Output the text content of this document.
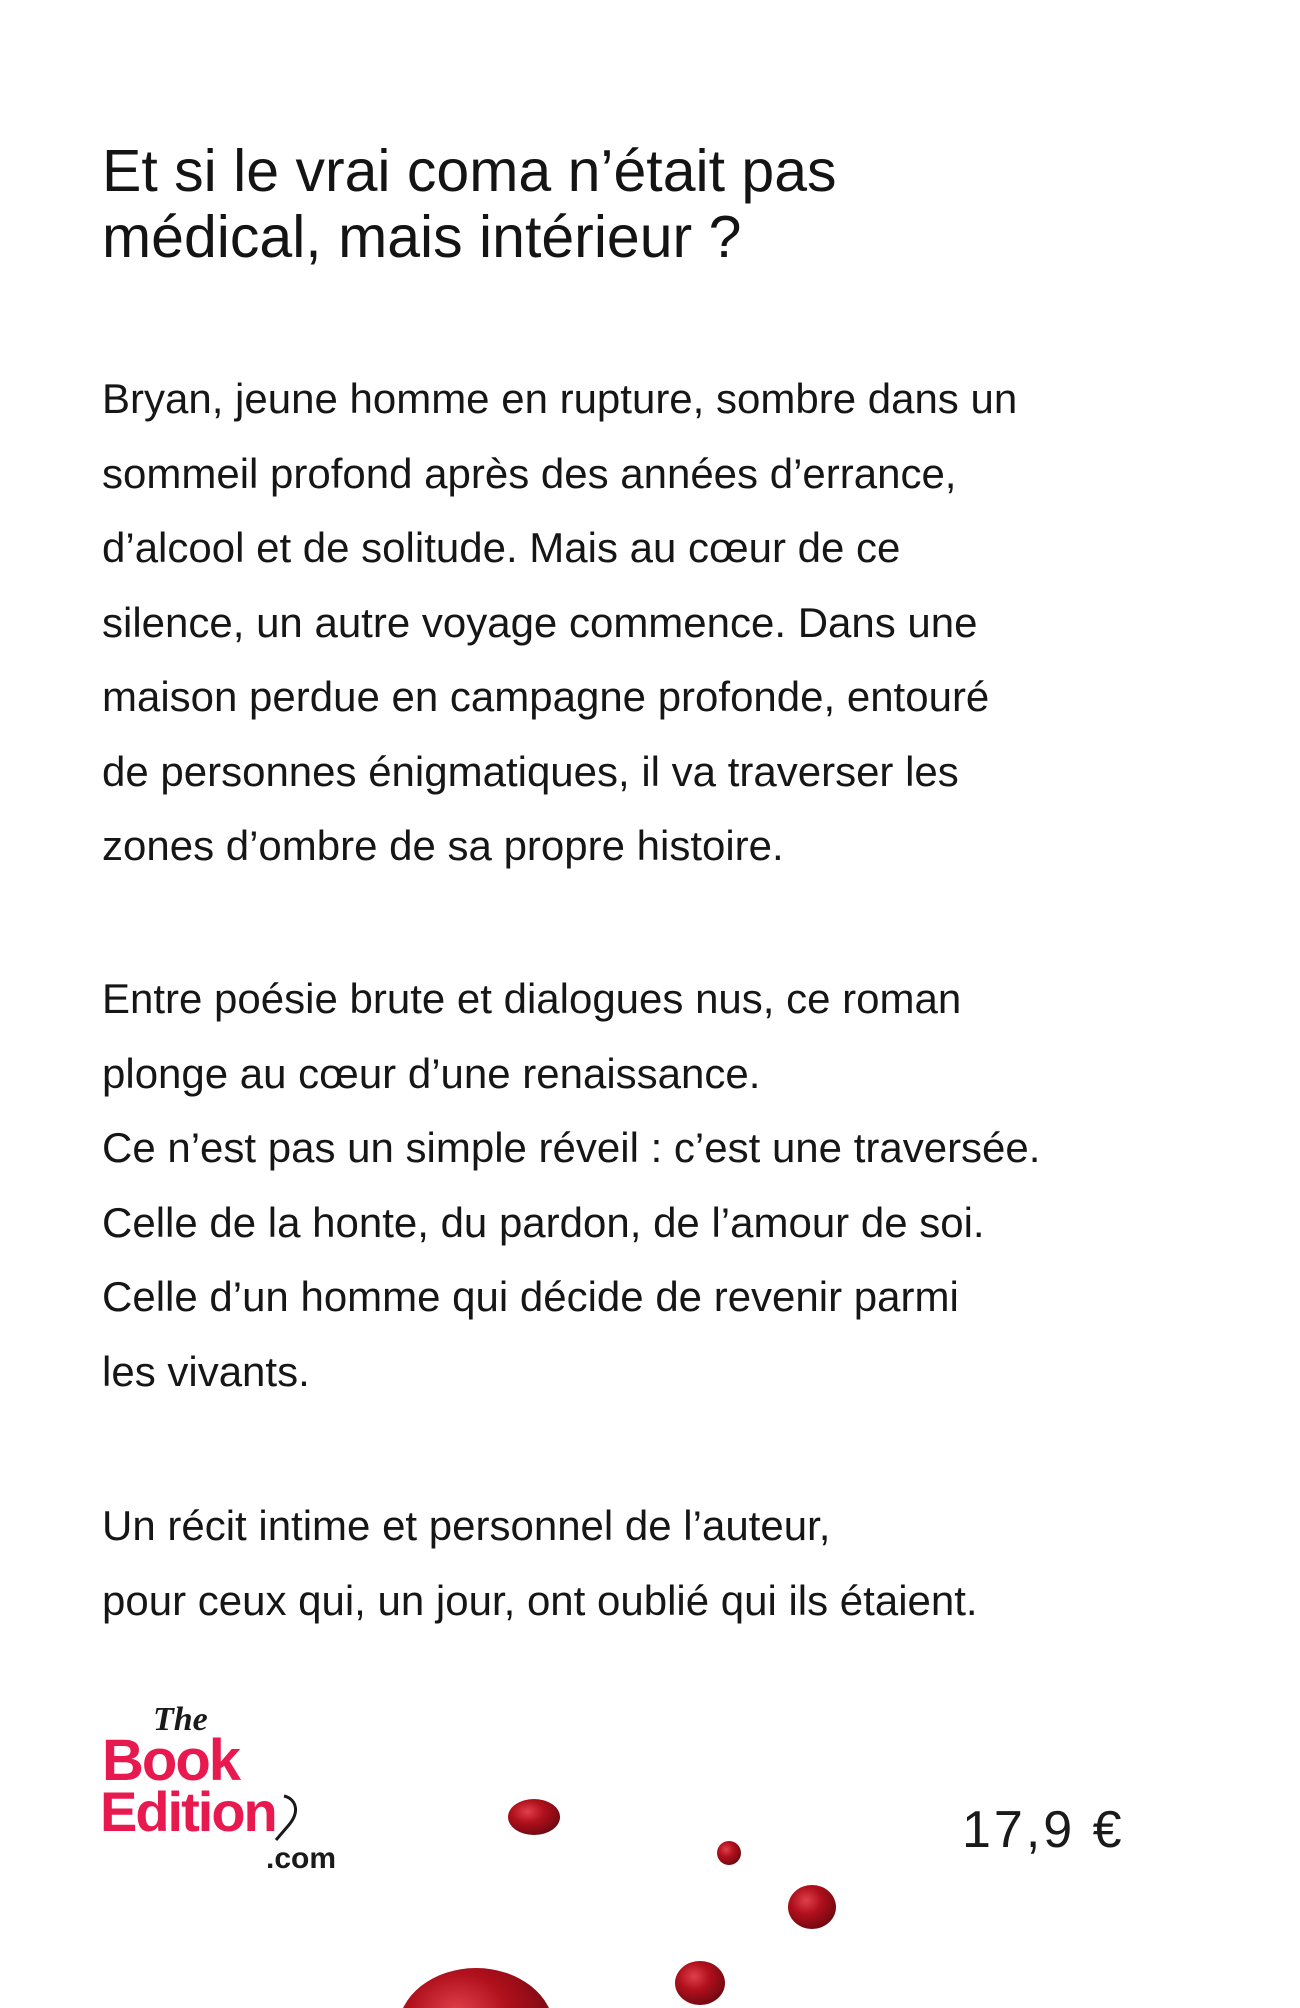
Et si le vrai coma n’était pas
médical, mais intérieur ?
Bryan, jeune homme en rupture, sombre dans un
sommeil profond après des années d’errance,
d’alcool et de solitude. Mais au cœur de ce
silence, un autre voyage commence. Dans une
maison perdue en campagne profonde, entouré
de personnes énigmatiques, il va traverser les
zones d’ombre de sa propre histoire.
Entre poésie brute et dialogues nus, ce roman
plonge au cœur d’une renaissance.
Ce n’est pas un simple réveil : c’est une traversée.
Celle de la honte, du pardon, de l’amour de soi.
Celle d’un homme qui décide de revenir parmi
les vivants.
Un récit intime et personnel de l’auteur,
pour ceux qui, un jour, ont oublié qui ils étaient.
The
Book
Edition
.com	17,9 €
